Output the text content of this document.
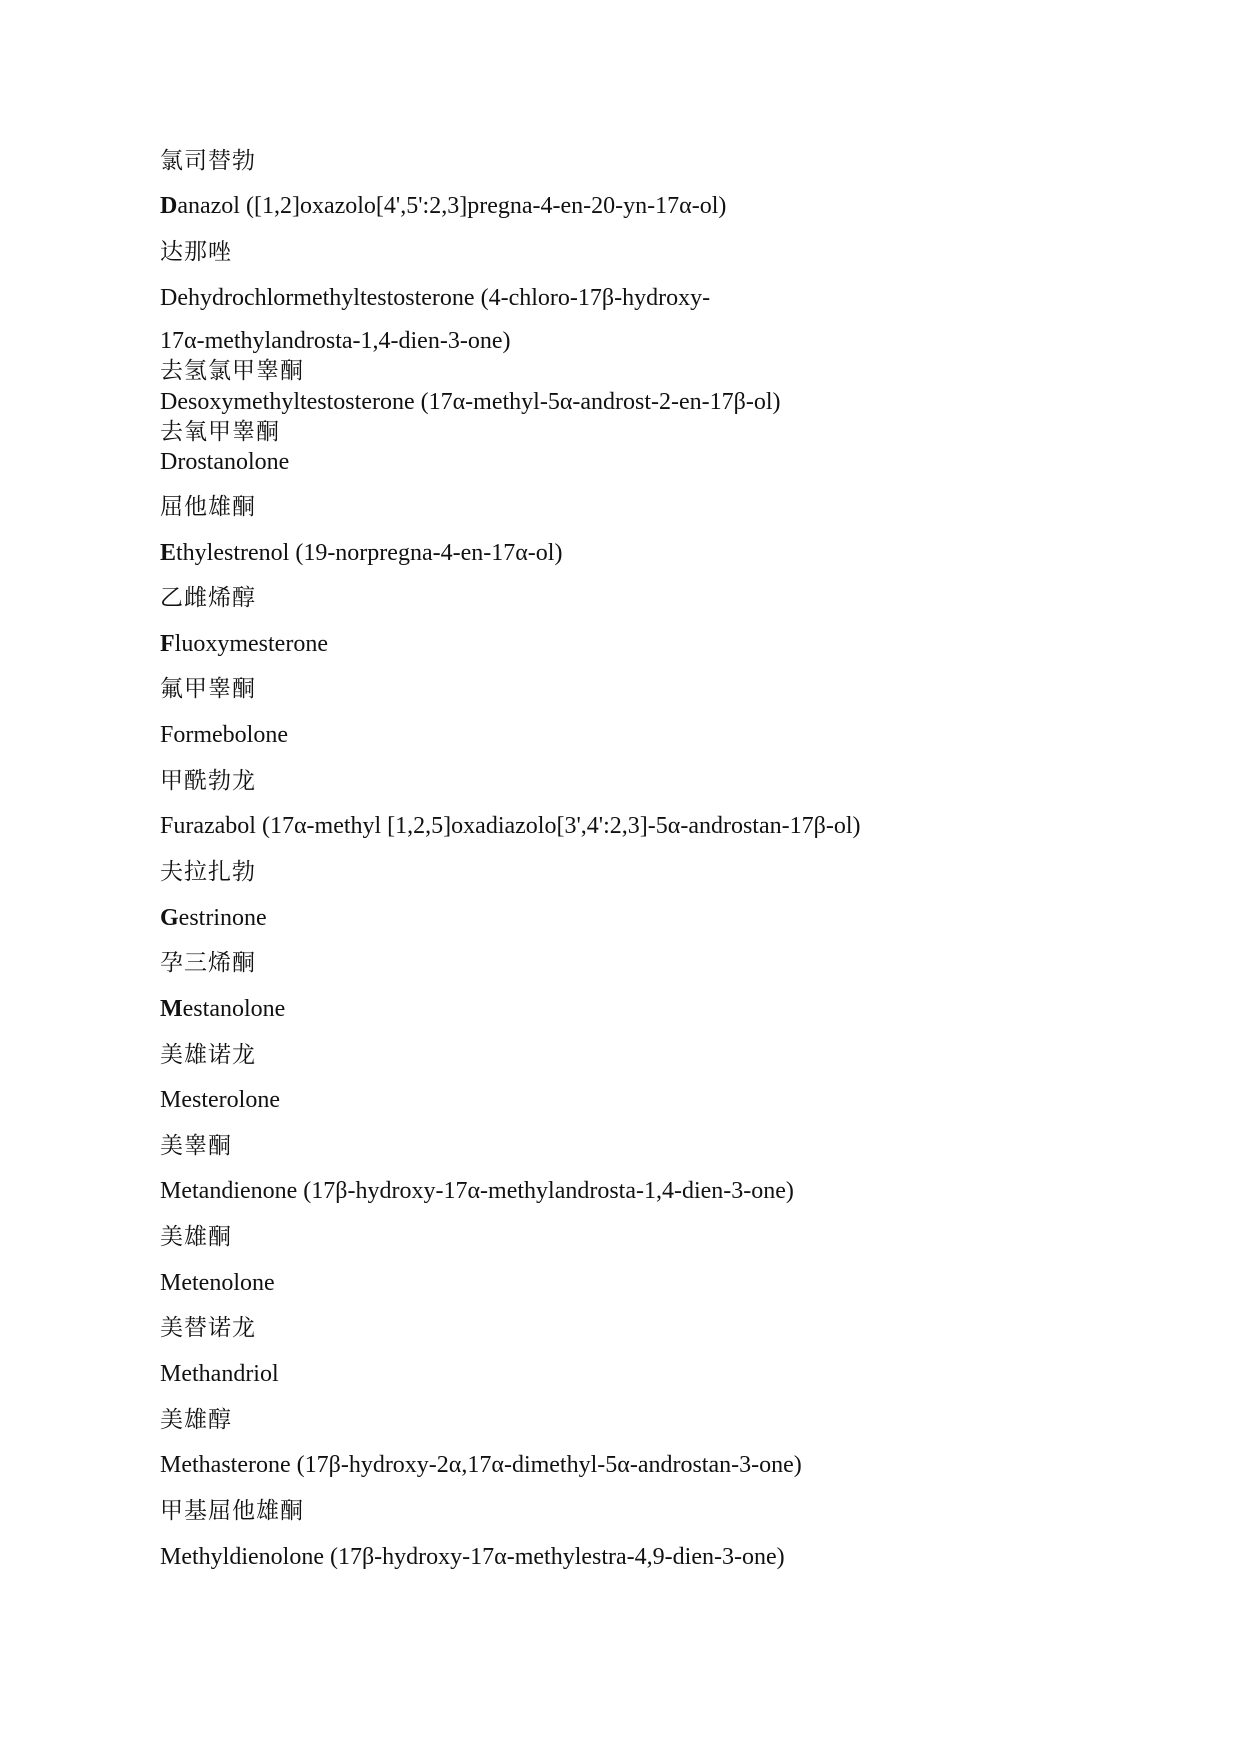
氯司替勃
Danazol ([1,2]oxazolo[4',5':2,3]pregna-4-en-20-yn-17α-ol)
达那唑
Dehydrochlormethyltestosterone (4-chloro-17β-hydroxy-
17α-methylandrosta-1,4-dien-3-one)
去氢氯甲睾酮
Desoxymethyltestosterone (17α-methyl-5α-androst-2-en-17β-ol)
去氧甲睾酮
Drostanolone
屈他雄酮
Ethylestrenol (19-norpregna-4-en-17α-ol)
乙雌烯醇
Fluoxymesterone
氟甲睾酮
Formebolone
甲酰勃龙
Furazabol (17α-methyl [1,2,5]oxadiazolo[3',4':2,3]-5α-androstan-17β-ol)
夫拉扎勃
Gestrinone
孕三烯酮
Mestanolone
美雄诺龙
Mesterolone
美睾酮
Metandienone (17β-hydroxy-17α-methylandrosta-1,4-dien-3-one)
美雄酮
Metenolone
美替诺龙
Methandriol
美雄醇
Methasterone (17β-hydroxy-2α,17α-dimethyl-5α-androstan-3-one)
甲基屈他雄酮
Methyldienolone (17β-hydroxy-17α-methylestra-4,9-dien-3-one)
